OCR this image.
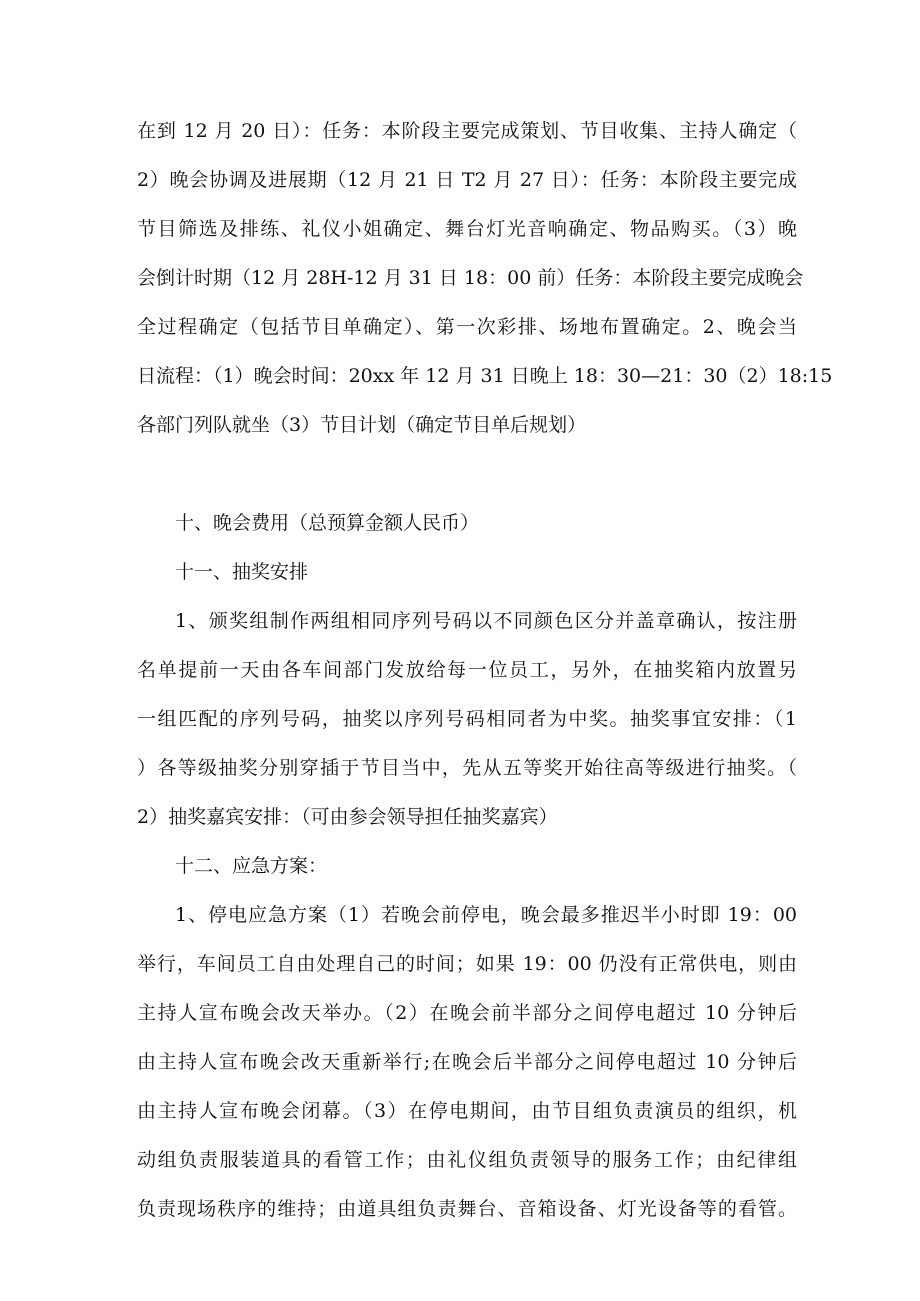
在到 12 月 20 日）：任务：本阶段主要完成策划、节目收集、主持人确定（
2）晚会协调及进展期（12 月 21 日 T2 月 27 日）：任务：本阶段主要完成
节目筛选及排练、礼仪小姐确定、舞台灯光音响确定、物品购买。（3）晚
会倒计时期（12 月 28H-12 月 31 日 18：00 前）任务：本阶段主要完成晚会
全过程确定（包括节目单确定）、第一次彩排、场地布置确定。2、晚会当
日流程：（1）晚会时间：20xx 年 12 月 31 日晚上 18：30—21：30（2）18:15
各部门列队就坐（3）节目计划（确定节目单后规划）
十、晚会费用（总预算金额人民币）
十一、抽奖安排
1、颁奖组制作两组相同序列号码以不同颜色区分并盖章确认，按注册
名单提前一天由各车间部门发放给每一位员工，另外，在抽奖箱内放置另
一组匹配的序列号码，抽奖以序列号码相同者为中奖。抽奖事宜安排：（1
）各等级抽奖分别穿插于节目当中，先从五等奖开始往高等级进行抽奖。（
2）抽奖嘉宾安排：（可由参会领导担任抽奖嘉宾）
十二、应急方案：
1、停电应急方案（1）若晚会前停电，晚会最多推迟半小时即 19：00
举行，车间员工自由处理自己的时间；如果 19：00 仍没有正常供电，则由
主持人宣布晚会改天举办。（2）在晚会前半部分之间停电超过 10 分钟后
由主持人宣布晚会改天重新举行;在晚会后半部分之间停电超过 10 分钟后
由主持人宣布晚会闭幕。（3）在停电期间，由节目组负责演员的组织，机
动组负责服装道具的看管工作；由礼仪组负责领导的服务工作；由纪律组
负责现场秩序的维持；由道具组负责舞台、音箱设备、灯光设备等的看管。
